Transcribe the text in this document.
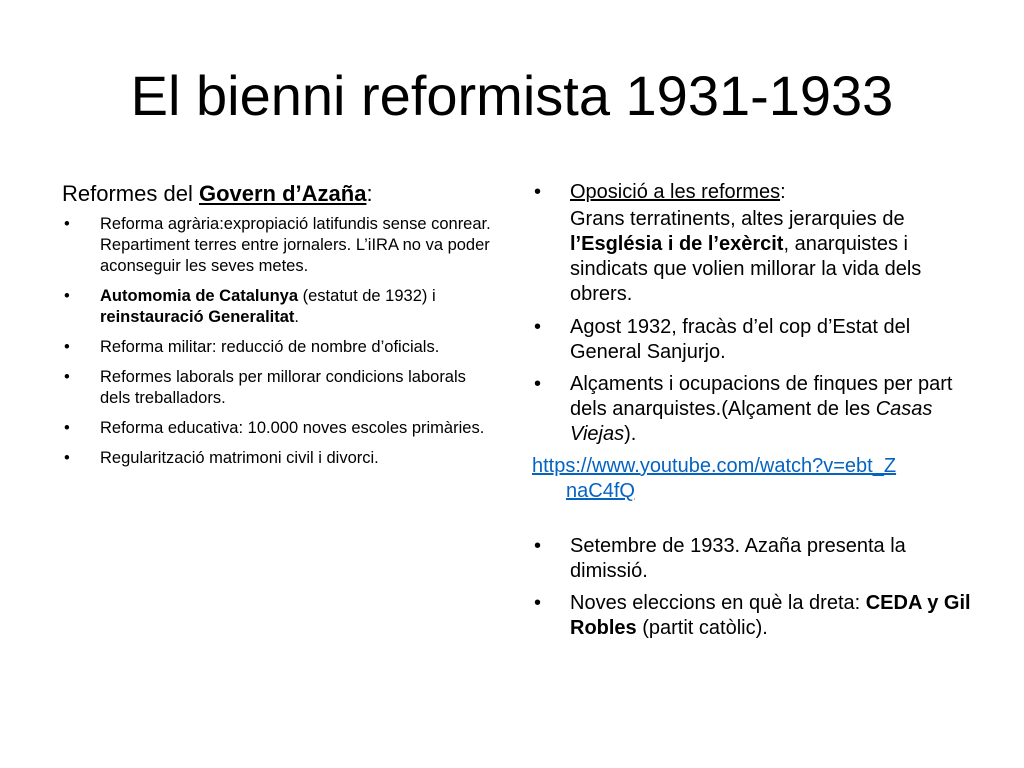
El bienni reformista 1931-1933
Reformes del Govern d’Azaña:
• Reforma agrària:expropiació latifundis sense conrear. Repartiment terres entre jornalers. L’iIRA no va poder aconseguir les seves metes.
• Automomia de Catalunya (estatut de 1932) i reinstauració Generalitat.
• Reforma militar: reducció de nombre d’oficials.
• Reformes laborals per millorar condicions laborals dels treballadors.
• Reforma educativa: 10.000 noves escoles primàries.
• Regularització matrimoni civil i divorci.
• Oposició a les reformes:
Grans terratinents, altes jerarquies de l’Església i de l’exèrcit, anarquistes i sindicats que volien millorar la vida dels obrers.
• Agost 1932, fracàs d’el cop d’Estat del General Sanjurjo.
• Alçaments i ocupacions de finques per part dels anarquistes.(Alçament de les Casas Viejas).
https://www.youtube.com/watch?v=ebt_Z
naC4fQ
• Setembre de 1933. Azaña presenta la dimissió.
• Noves eleccions en què la dreta: CEDA y Gil Robles (partit catòlic).
